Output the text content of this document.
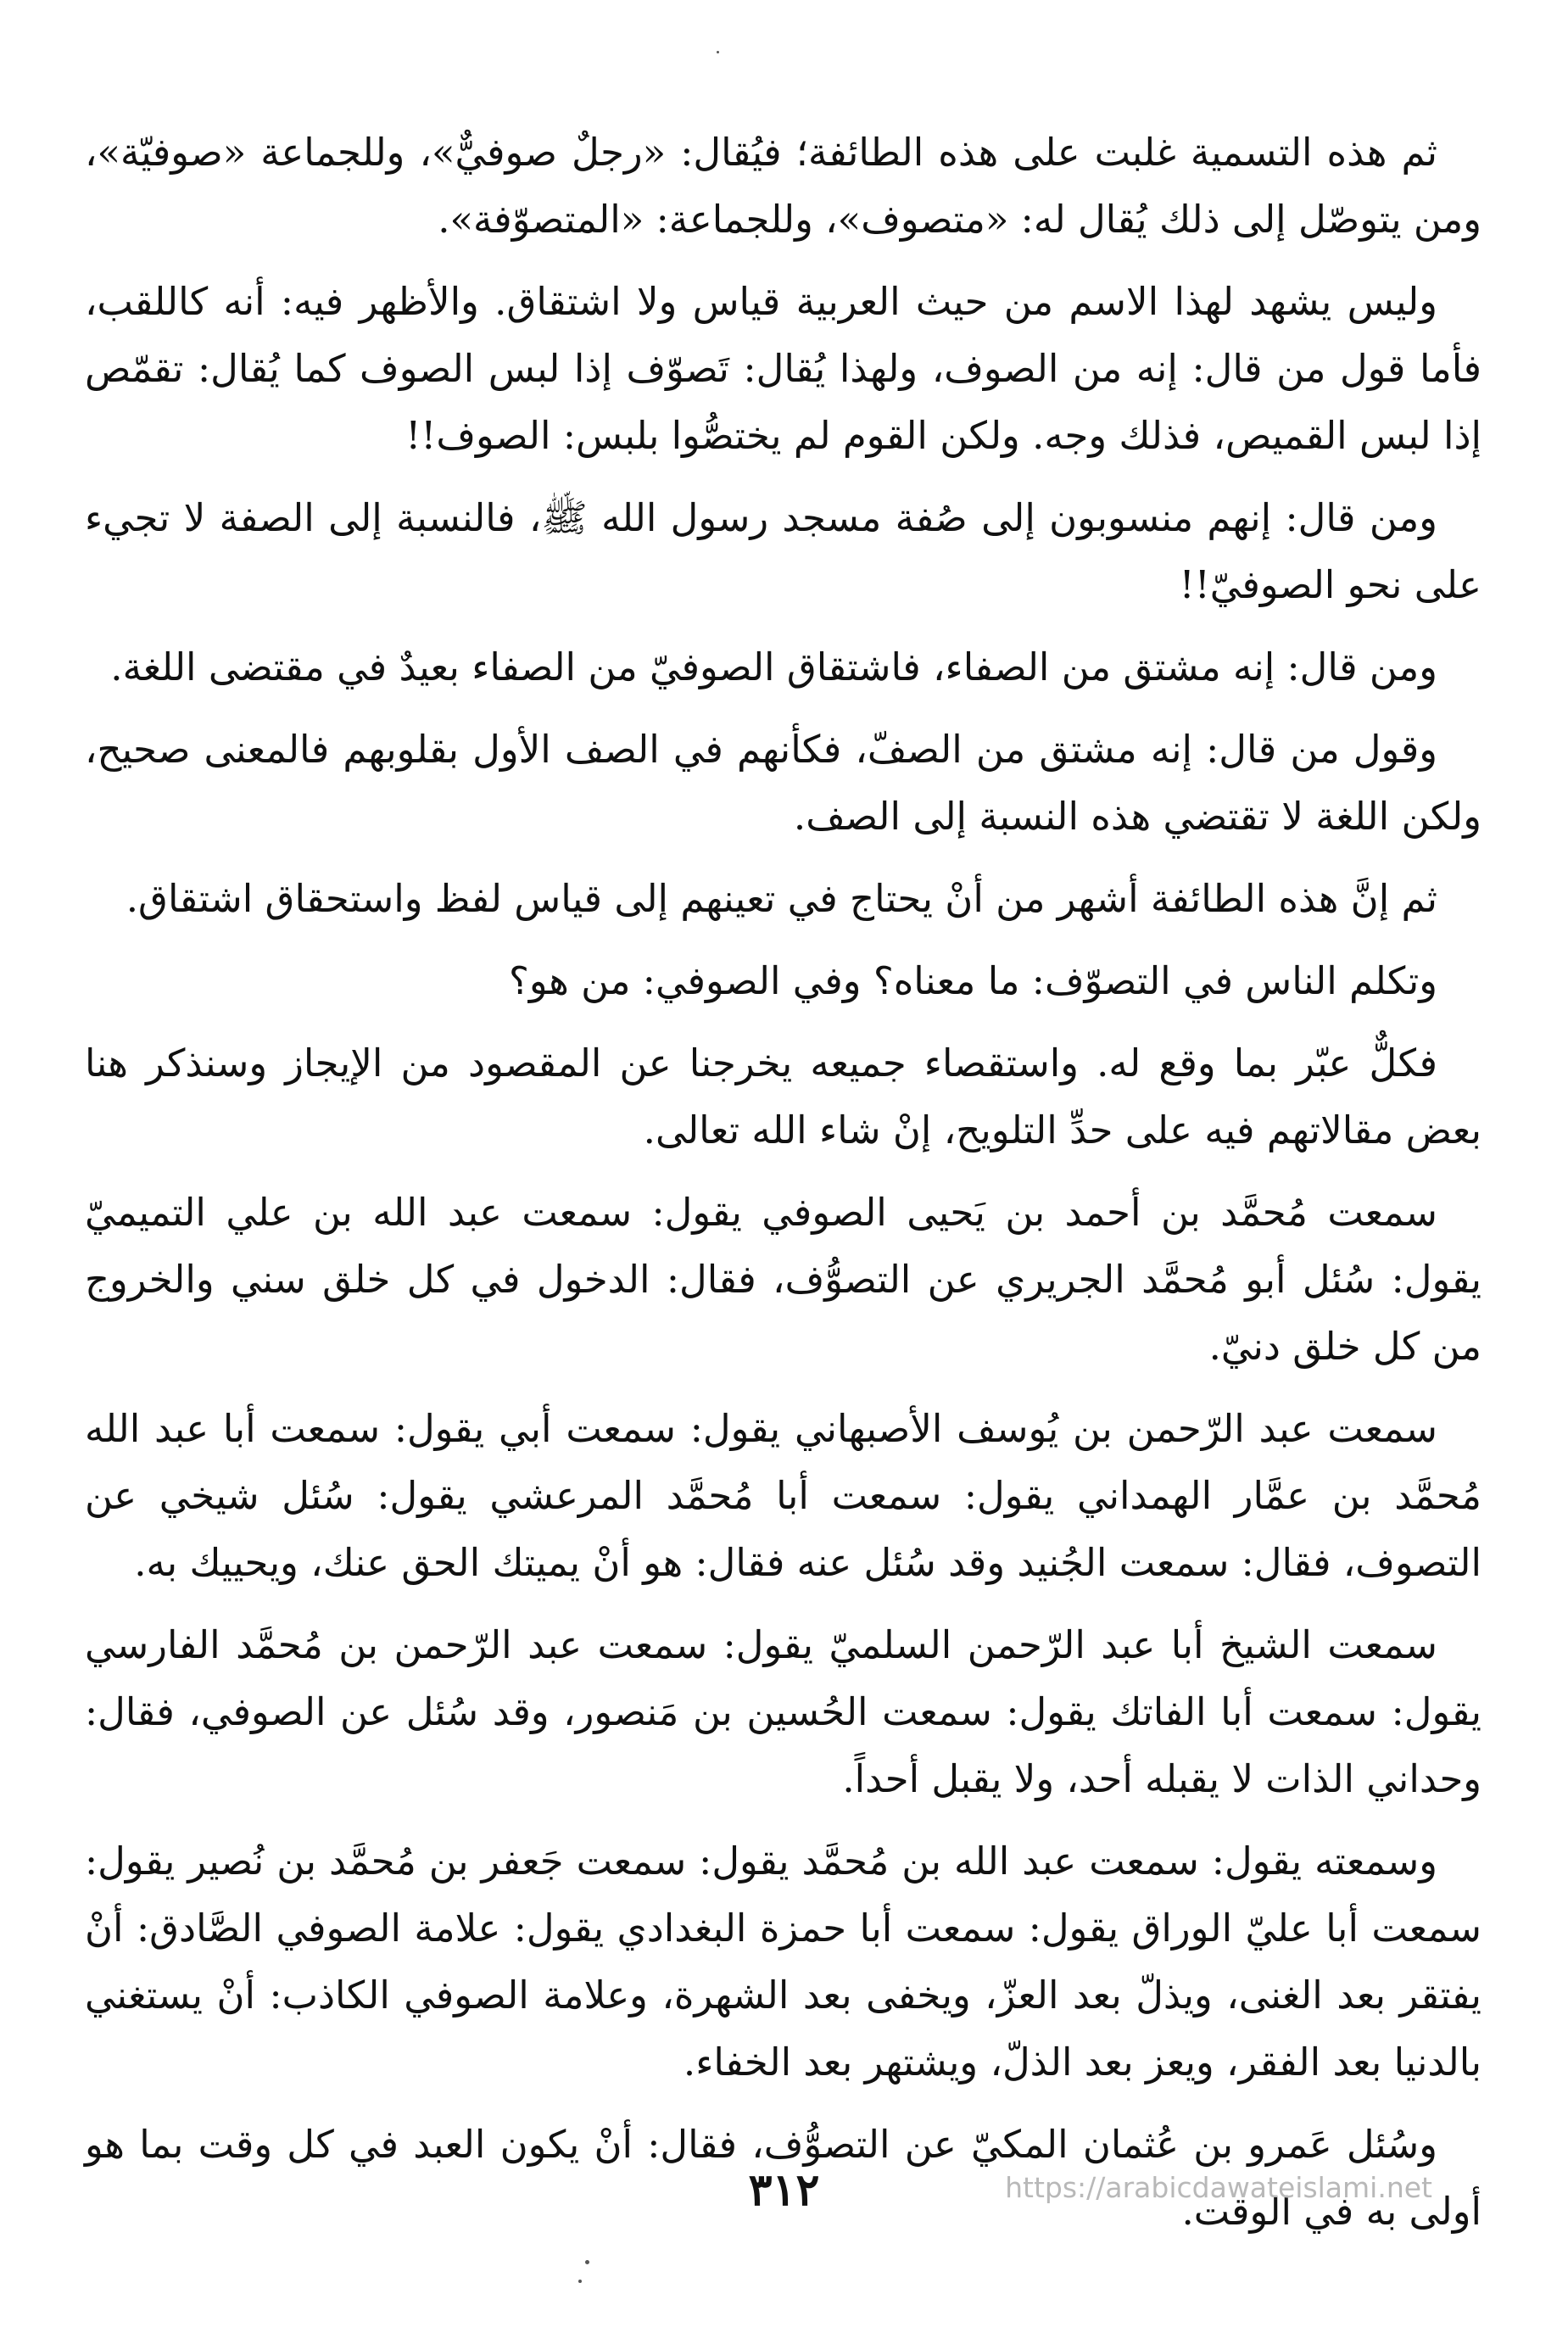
ثم هذه التسمية غلبت على هذه الطائفة؛ فيُقال: «رجلٌ صوفيٌّ»، وللجماعة «صوفيّة»، ومن يتوصّل إلى ذلك يُقال له: «متصوف»، وللجماعة: «المتصوّفة».

وليس يشهد لهذا الاسم من حيث العربية قياس ولا اشتقاق. والأظهر فيه: أنه كاللقب، فأما قول من قال: إنه من الصوف، ولهذا يُقال: تَصوّف إذا لبس الصوف كما يُقال: تقمّص إذا لبس القميص، فذلك وجه. ولكن القوم لم يختصُّوا بلبس: الصوف!!

ومن قال: إنهم منسوبون إلى صُفة مسجد رسول الله ﷺ، فالنسبة إلى الصفة لا تجيء على نحو الصوفيّ!!

ومن قال: إنه مشتق من الصفاء، فاشتقاق الصوفيّ من الصفاء بعيدٌ في مقتضى اللغة.

وقول من قال: إنه مشتق من الصفّ، فكأنهم في الصف الأول بقلوبهم فالمعنى صحيح، ولكن اللغة لا تقتضي هذه النسبة إلى الصف.

ثم إنَّ هذه الطائفة أشهر من أنْ يحتاج في تعينهم إلى قياس لفظ واستحقاق اشتقاق.

وتكلم الناس في التصوّف: ما معناه؟ وفي الصوفي: من هو؟

فكلٌّ عبّر بما وقع له. واستقصاء جميعه يخرجنا عن المقصود من الإيجاز وسنذكر هنا بعض مقالاتهم فيه على حدِّ التلويح، إنْ شاء الله تعالى.

سمعت مُحمَّد بن أحمد بن يَحيى الصوفي يقول: سمعت عبد الله بن علي التميميّ يقول: سُئل أبو مُحمَّد الجريري عن التصوُّف، فقال: الدخول في كل خلق سني والخروج من كل خلق دنيّ.

سمعت عبد الرّحمن بن يُوسف الأصبهاني يقول: سمعت أبي يقول: سمعت أبا عبد الله مُحمَّد بن عمَّار الهمداني يقول: سمعت أبا مُحمَّد المرعشي يقول: سُئل شيخي عن التصوف، فقال: سمعت الجُنيد وقد سُئل عنه فقال: هو أنْ يميتك الحق عنك، ويحييك به.

سمعت الشيخ أبا عبد الرّحمن السلميّ يقول: سمعت عبد الرّحمن بن مُحمَّد الفارسي يقول: سمعت أبا الفاتك يقول: سمعت الحُسين بن مَنصور، وقد سُئل عن الصوفي، فقال: وحداني الذات لا يقبله أحد، ولا يقبل أحداً.

وسمعته يقول: سمعت عبد الله بن مُحمَّد يقول: سمعت جَعفر بن مُحمَّد بن نُصير يقول: سمعت أبا عليّ الوراق يقول: سمعت أبا حمزة البغدادي يقول: علامة الصوفي الصَّادق: أنْ يفتقر بعد الغنى، ويذلّ بعد العزّ، ويخفى بعد الشهرة، وعلامة الصوفي الكاذب: أنْ يستغني بالدنيا بعد الفقر، ويعز بعد الذلّ، ويشتهر بعد الخفاء.

وسُئل عَمرو بن عُثمان المكيّ عن التصوُّف، فقال: أنْ يكون العبد في كل وقت بما هو أولى به في الوقت.

٣١٢	https://arabicdawateislami.net
